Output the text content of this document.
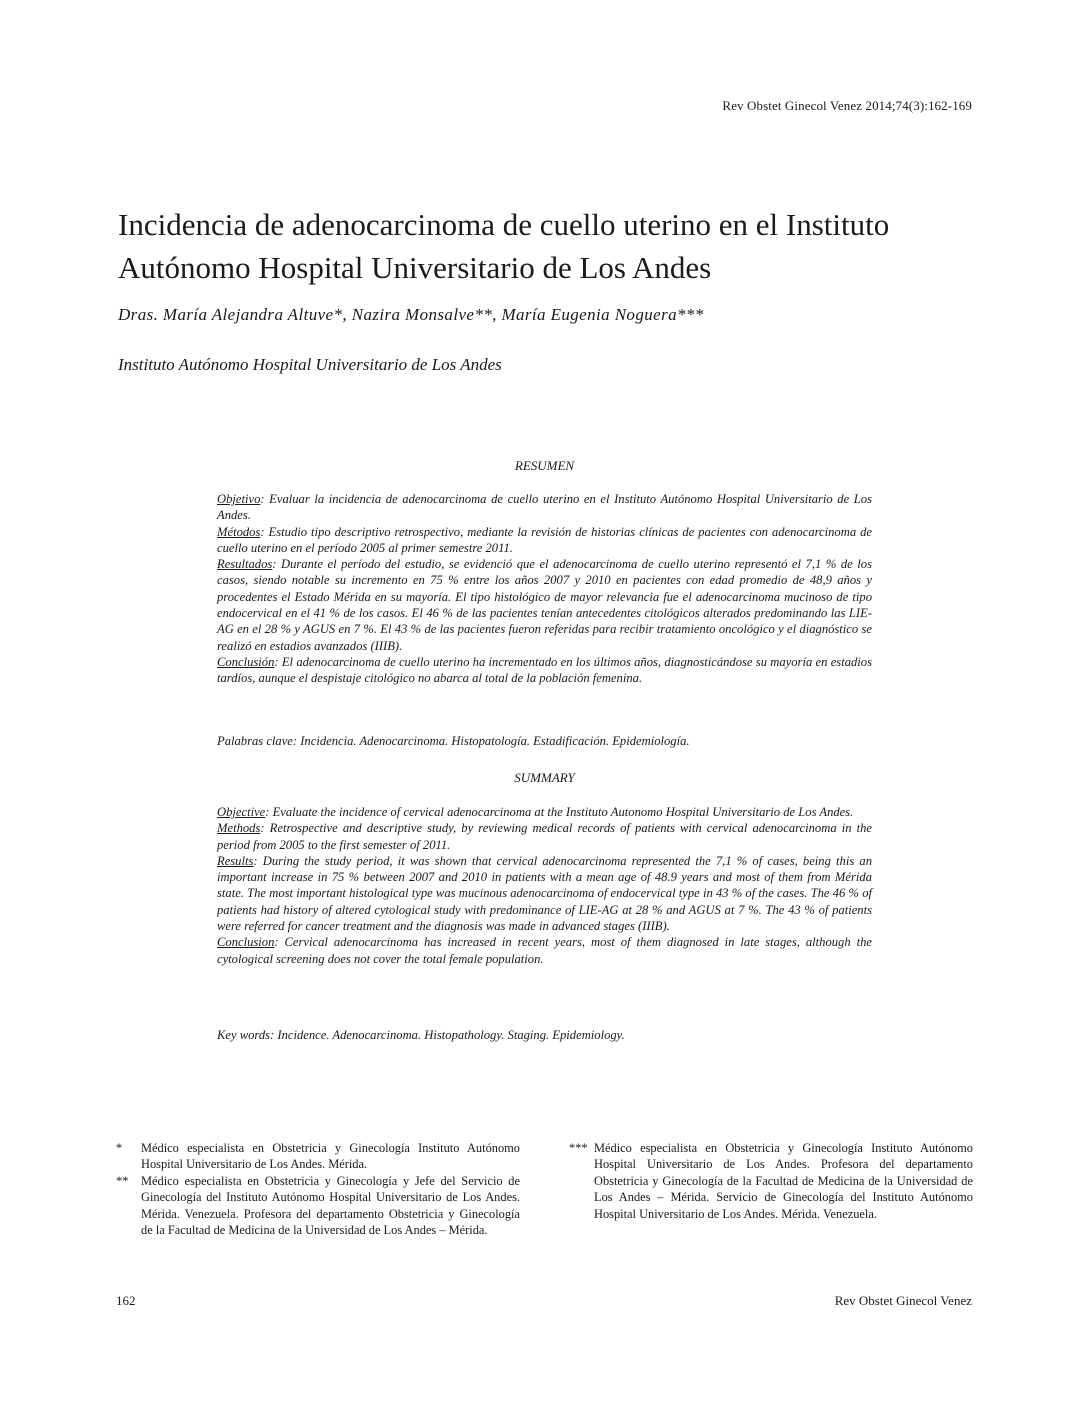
Rev Obstet Ginecol Venez 2014;74(3):162-169
Incidencia de adenocarcinoma de cuello uterino en el Instituto Autónomo Hospital Universitario de Los Andes
Dras. María Alejandra Altuve*, Nazira Monsalve**, María Eugenia Noguera***
Instituto Autónomo Hospital Universitario de Los Andes
RESUMEN

Objetivo: Evaluar la incidencia de adenocarcinoma de cuello uterino en el Instituto Autónomo Hospital Universitario de Los Andes.

Métodos: Estudio tipo descriptivo retrospectivo, mediante la revisión de historias clínicas de pacientes con adenocarcinoma de cuello uterino en el período 2005 al primer semestre 2011.

Resultados: Durante el período del estudio, se evidenció que el adenocarcinoma de cuello uterino representó el 7,1 % de los casos, siendo notable su incremento en 75 % entre los años 2007 y 2010 en pacientes con edad promedio de 48,9 años y procedentes el Estado Mérida en su mayoría. El tipo histológico de mayor relevancia fue el adenocarcinoma mucinoso de tipo endocervical en el 41 % de los casos. El 46 % de las pacientes tenían antecedentes citológicos alterados predominando las LIE-AG en el 28 % y AGUS en 7 %. El 43 % de las pacientes fueron referidas para recibir tratamiento oncológico y el diagnóstico se realizó en estadios avanzados (IIIB).

Conclusión: El adenocarcinoma de cuello uterino ha incrementado en los últimos años, diagnosticándose su mayoría en estadios tardíos, aunque el despistaje citológico no abarca al total de la población femenina.

Palabras clave: Incidencia. Adenocarcinoma. Histopatología. Estadificación. Epidemiología.
SUMMARY

Objective: Evaluate the incidence of cervical adenocarcinoma at the Instituto Autonomo Hospital Universitario de Los Andes.

Methods: Retrospective and descriptive study, by reviewing medical records of patients with cervical adenocarcinoma in the period from 2005 to the first semester of 2011.

Results: During the study period, it was shown that cervical adenocarcinoma represented the 7,1 % of cases, being this an important increase in 75 % between 2007 and 2010 in patients with a mean age of 48.9 years and most of them from Mérida state. The most important histological type was mucinous adenocarcinoma of endocervical type in 43 % of the cases. The 46 % of patients had history of altered cytological study with predominance of LIE-AG at 28 % and AGUS at 7 %. The 43 % of patients were referred for cancer treatment and the diagnosis was made in advanced stages (IIIB).

Conclusion: Cervical adenocarcinoma has increased in recent years, most of them diagnosed in late stages, although the cytological screening does not cover the total female population.

Key words: Incidence. Adenocarcinoma. Histopathology. Staging. Epidemiology.
* Médico especialista en Obstetricia y Ginecología Instituto Autónomo Hospital Universitario de Los Andes. Mérida.
** Médico especialista en Obstetricia y Ginecología y Jefe del Servicio de Ginecología del Instituto Autónomo Hospital Universitario de Los Andes. Mérida. Venezuela. Profesora del departamento Obstetricia y Ginecología de la Facultad de Medicina de la Universidad de Los Andes – Mérida.
*** Médico especialista en Obstetricia y Ginecología Instituto Autónomo Hospital Universitario de Los Andes. Profesora del departamento Obstetricia y Ginecología de la Facultad de Medicina de la Universidad de Los Andes – Mérida. Servicio de Ginecología del Instituto Autónomo Hospital Universitario de Los Andes. Mérida. Venezuela.
162	Rev Obstet Ginecol Venez
